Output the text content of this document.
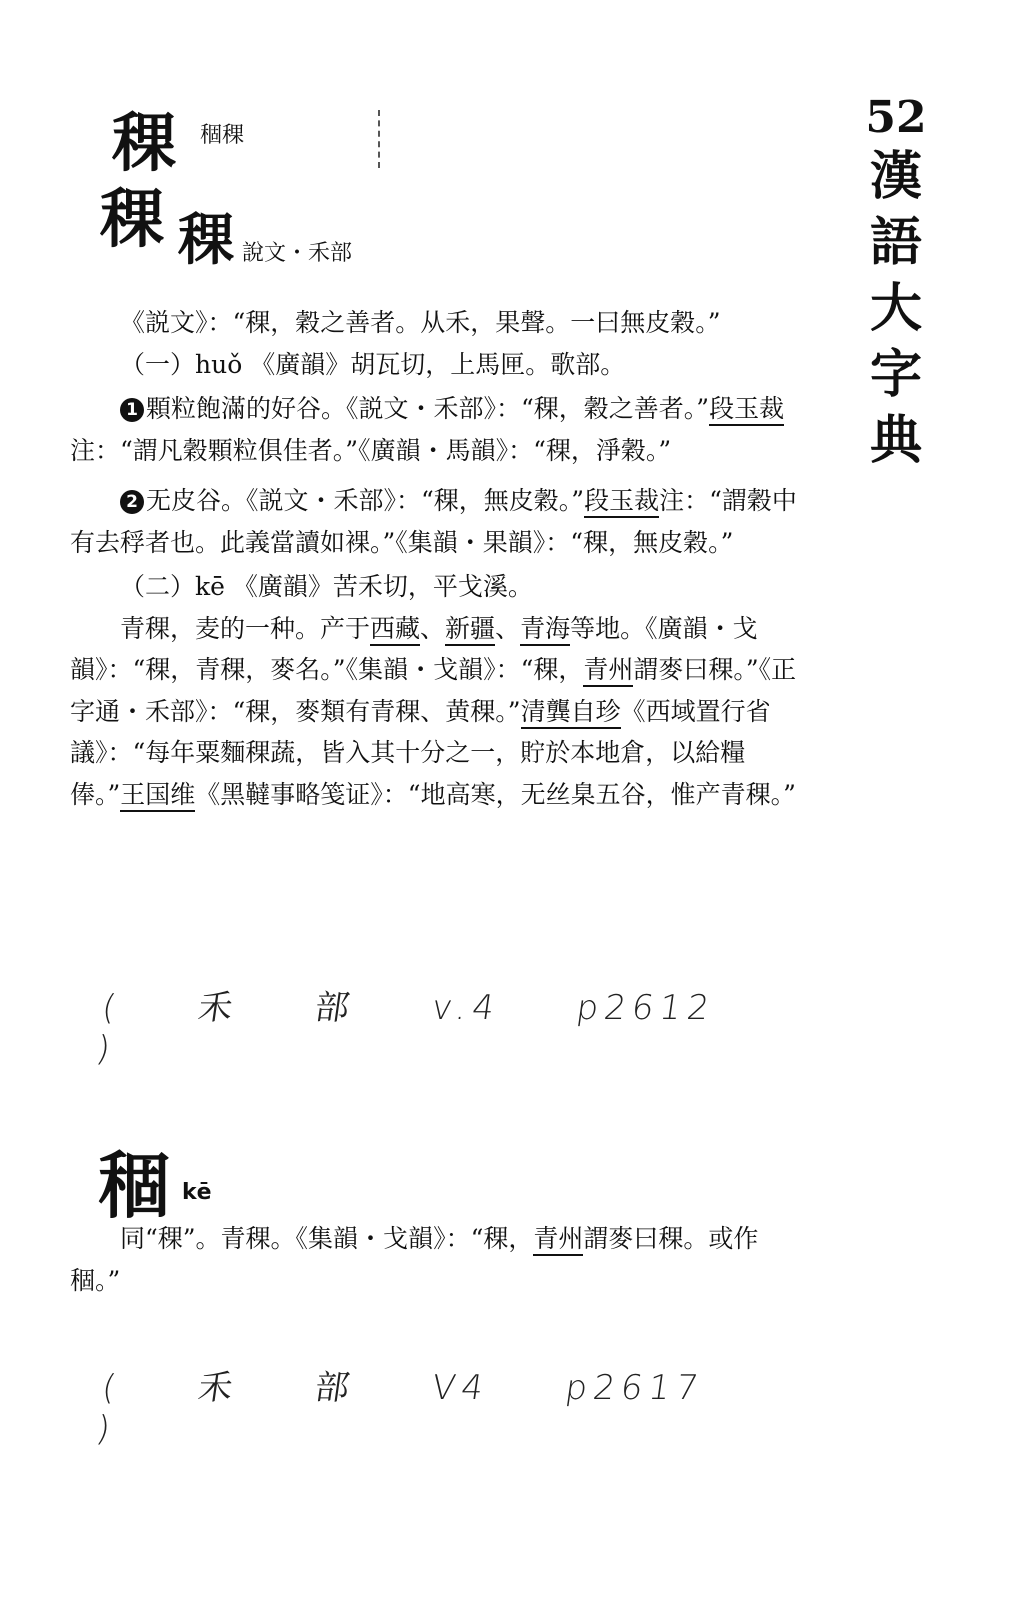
稞 稒稞
稞 稞 說文・禾部

《説文》：“稞，穀之善者。从禾，果聲。一曰無皮穀。”

（一）huǒ 《廣韻》胡瓦切，上馬匣。歌部。

1 顆粒飽滿的好谷。《説文・禾部》：“稞，穀之善者。”段玉裁注：“謂凡穀顆粒俱佳者。”《廣韻・馬韻》：“稞，淨穀。”

2 无皮谷。《説文・禾部》：“稞，無皮穀。”段玉裁注：“謂穀中有去稃者也。此義當讀如裸。”《集韻・果韻》：“稞，無皮穀。”

（二）kē 《廣韻》苦禾切，平戈溪。

青稞，麦的一种。产于西藏、新疆、青海等地。《廣韻・戈韻》：“稞，青稞，麥名。”《集韻・戈韻》：“稞，青州謂麥曰稞。”《正字通・禾部》：“稞，麥類有青稞、黄稞。”清龔自珍《西域置行省議》：“每年粟麵稞蔬，皆入其十分之一，貯於本地倉，以給糧俸。”王国维《黑韃事略笺证》：“地高寒，无丝臬五谷，惟产青稞。”

( 禾 部 v.4 p2612 )
稒 kē

同“稞”。青稞。《集韻・戈韻》：“稞，青州謂麥曰稞。或作稒。”

( 禾 部 V4 p2617 )
52
漢
語
大
字
典
